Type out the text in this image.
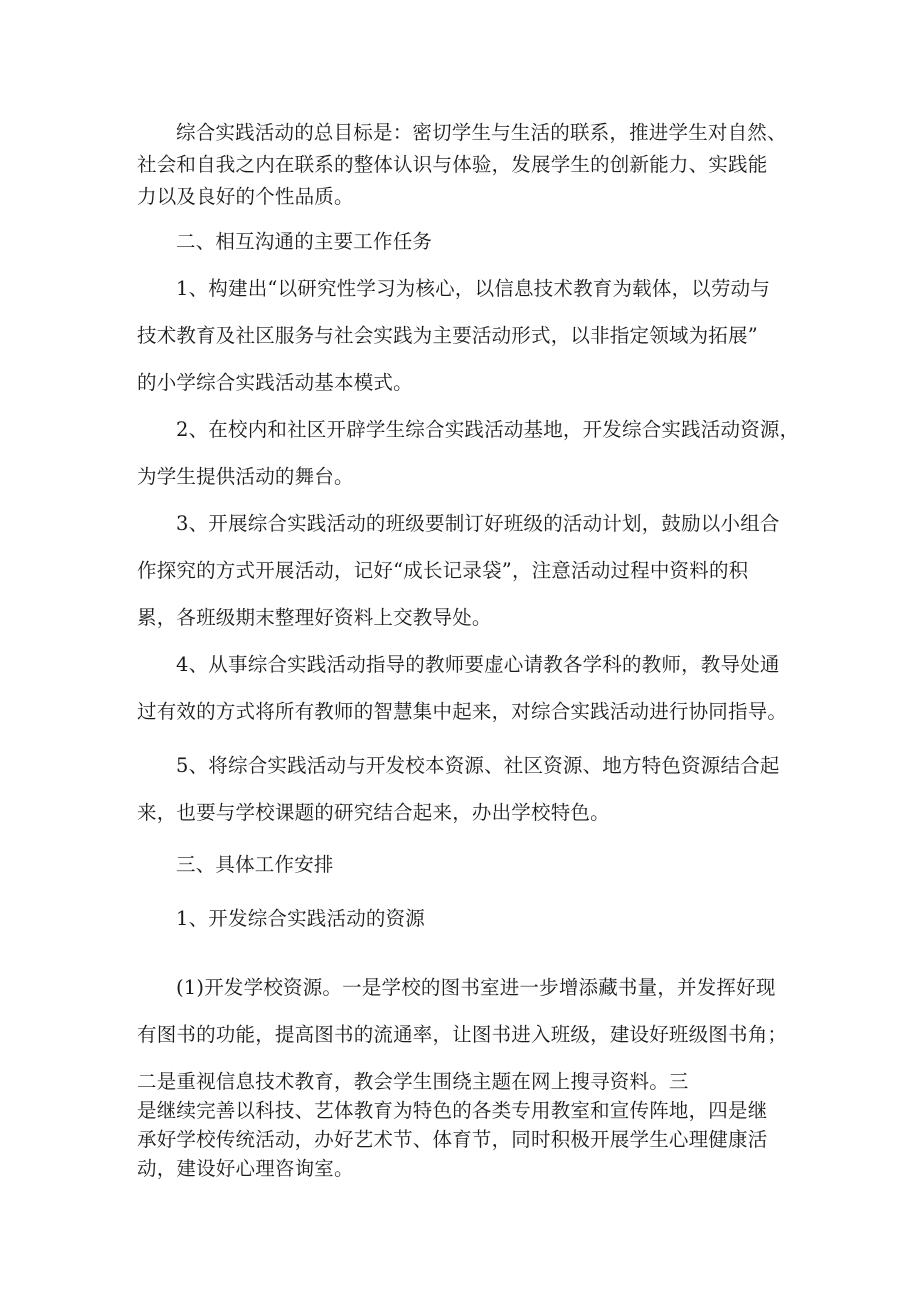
综合实践活动的总目标是：密切学生与生活的联系，推进学生对自然、
社会和自我之内在联系的整体认识与体验，发展学生的创新能力、实践能
力以及良好的个性品质。
二、相互沟通的主要工作任务
1、构建出“以研究性学习为核心，以信息技术教育为载体，以劳动与
技术教育及社区服务与社会实践为主要活动形式，以非指定领域为拓展”
的小学综合实践活动基本模式。
2、在校内和社区开辟学生综合实践活动基地，开发综合实践活动资源，
为学生提供活动的舞台。
3、开展综合实践活动的班级要制订好班级的活动计划，鼓励以小组合
作探究的方式开展活动，记好“成长记录袋”，注意活动过程中资料的积
累，各班级期末整理好资料上交教导处。
4、从事综合实践活动指导的教师要虚心请教各学科的教师，教导处通
过有效的方式将所有教师的智慧集中起来，对综合实践活动进行协同指导。
5、将综合实践活动与开发校本资源、社区资源、地方特色资源结合起
来，也要与学校课题的研究结合起来，办出学校特色。
三、具体工作安排
1、开发综合实践活动的资源
(1)开发学校资源。一是学校的图书室进一步增添藏书量，并发挥好现
有图书的功能，提高图书的流通率，让图书进入班级，建设好班级图书角；
二是重视信息技术教育，教会学生围绕主题在网上搜寻资料。三
是继续完善以科技、艺体教育为特色的各类专用教室和宣传阵地，四是继
承好学校传统活动，办好艺术节、体育节，同时积极开展学生心理健康活
动，建设好心理咨询室。
